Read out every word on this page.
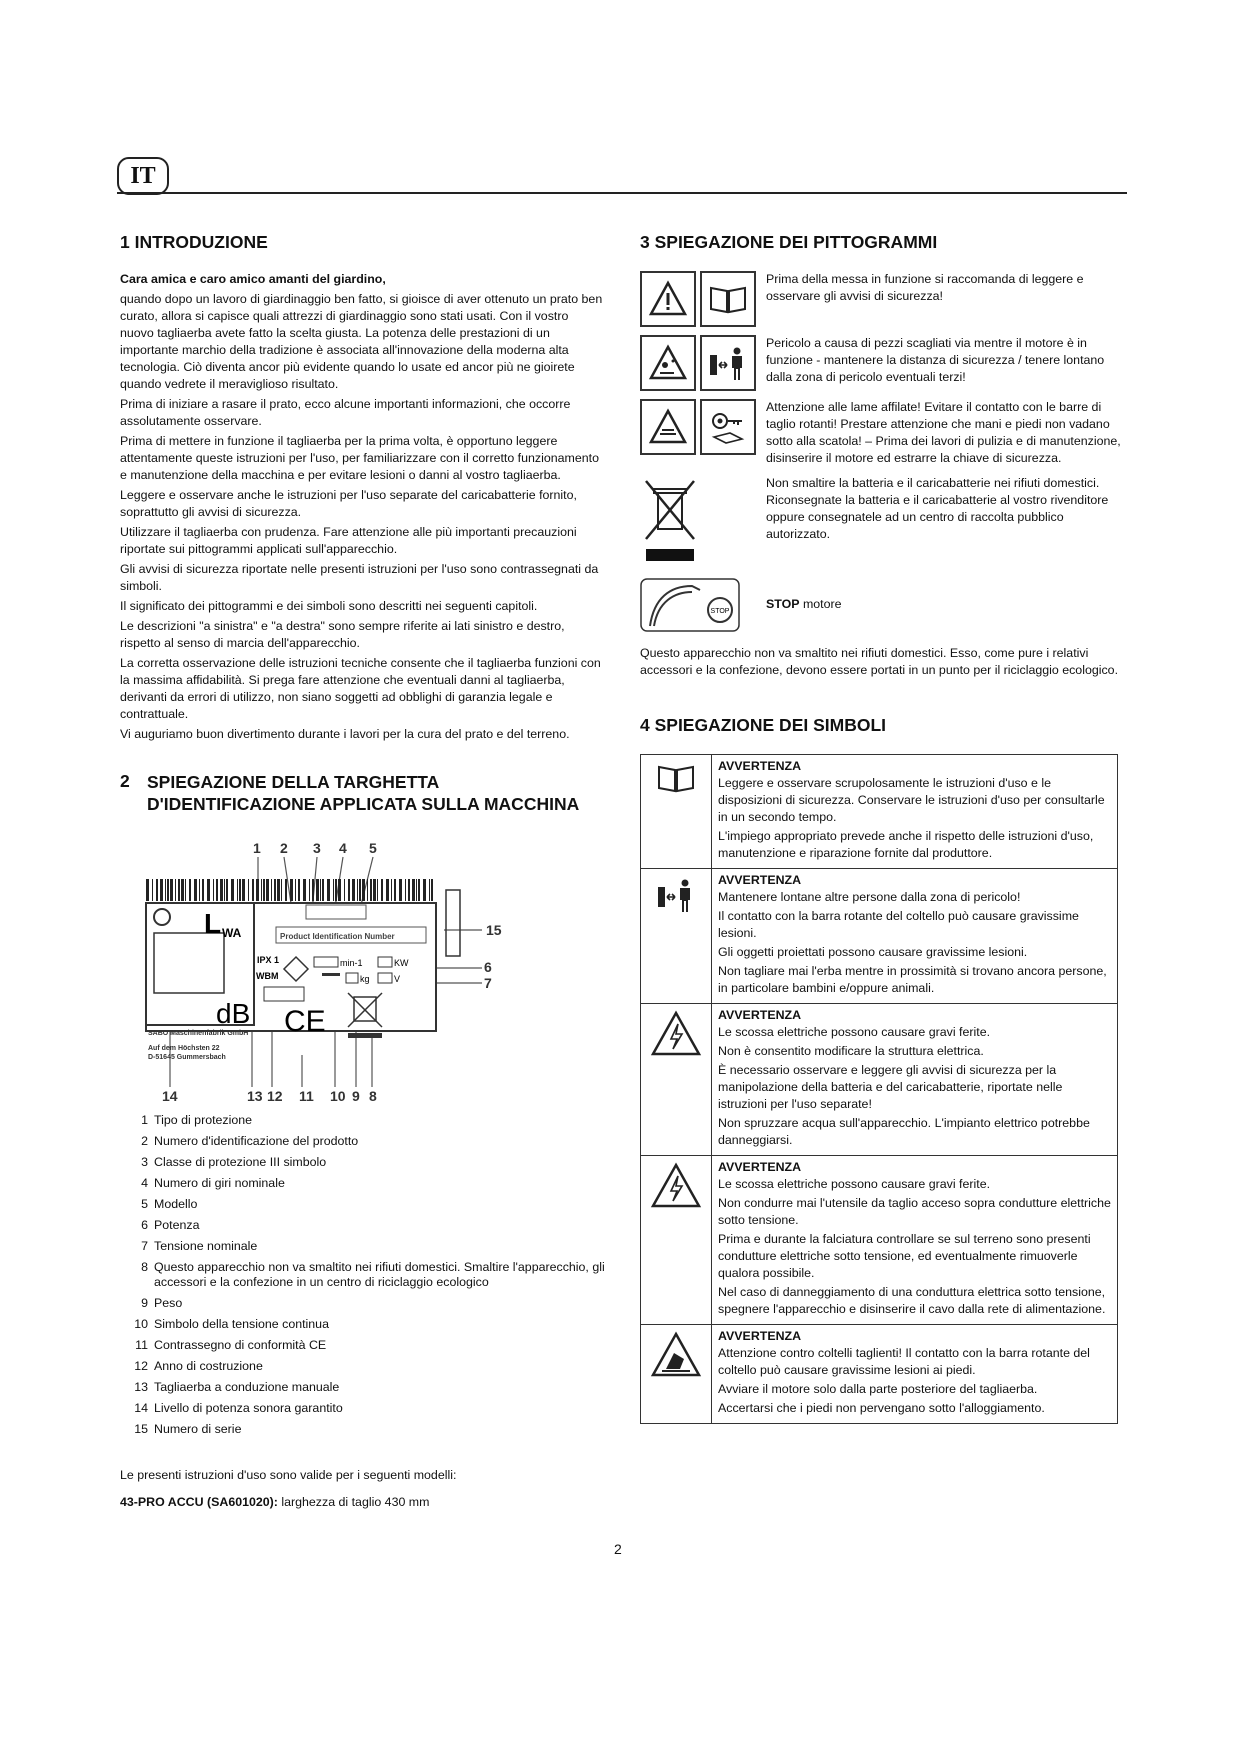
IT
1 INTRODUZIONE
Cara amica e caro amico amanti del giardino,
quando dopo un lavoro di giardinaggio ben fatto, si gioisce di aver ottenuto un prato ben curato, allora si capisce quali attrezzi di giardinaggio sono stati usati. Con il vostro nuovo tagliaerba avete fatto la scelta giusta. La potenza delle prestazioni di un importante marchio della tradizione è associata all'innovazione della moderna alta tecnologia. Ciò diventa ancor più evidente quando lo usate ed ancor più ne gioirete quando vedrete il meraviglioso risultato.
Prima di iniziare a rasare il prato, ecco alcune importanti informazioni, che occorre assolutamente osservare.
Prima di mettere in funzione il tagliaerba per la prima volta, è opportuno leggere attentamente queste istruzioni per l'uso, per familiarizzare con il corretto funzionamento e manutenzione della macchina e per evitare lesioni o danni al vostro tagliaerba.
Leggere e osservare anche le istruzioni per l'uso separate del caricabatterie fornito, soprattutto gli avvisi di sicurezza.
Utilizzare il tagliaerba con prudenza. Fare attenzione alle più importanti precauzioni riportate sui pittogrammi applicati sull'apparecchio.
Gli avvisi di sicurezza riportate nelle presenti istruzioni per l'uso sono contrassegnati da simboli.
Il significato dei pittogrammi e dei simboli sono descritti nei seguenti capitoli.
Le descrizioni "a sinistra" e "a destra" sono sempre riferite ai lati sinistro e destro, rispetto al senso di marcia dell'apparecchio.
La corretta osservazione delle istruzioni tecniche consente che il tagliaerba funzioni con la massima affidabilità. Si prega fare attenzione che eventuali danni al tagliaerba, derivanti da errori di utilizzo, non siano soggetti ad obblighi di garanzia legale e contrattuale.
Vi auguriamo buon divertimento durante i lavori per la cura del prato e del terreno.
2 SPIEGAZIONE DELLA TARGHETTA D'IDENTIFICAZIONE APPLICATA SULLA MACCHINA
1 2 3 4 5
15
6
7
14	13 12 11 10 9 8
L WA
dB
Product Identification Number
IPX 1
WBM
min-1
kg
KW
V
CE
SABO Maschinenfabrik GmbH
Auf dem Höchsten 22
D-51645 Gummersbach
1 Tipo di protezione
2 Numero d'identificazione del prodotto
3 Classe di protezione III simbolo
4 Numero di giri nominale
5 Modello
6 Potenza
7 Tensione nominale
8 Questo apparecchio non va smaltito nei rifiuti domestici. Smaltire l'apparecchio, gli accessori e la confezione in un centro di riciclaggio ecologico
9 Peso
10 Simbolo della tensione continua
11 Contrassegno di conformità CE
12 Anno di costruzione
13 Tagliaerba a conduzione manuale
14 Livello di potenza sonora garantito
15 Numero di serie
Le presenti istruzioni d'uso sono valide per i seguenti modelli:
43-PRO ACCU (SA601020): larghezza di taglio 430 mm
3 SPIEGAZIONE DEI PITTOGRAMMI
Prima della messa in funzione si raccomanda di leggere e osservare gli avvisi di sicurezza!
Pericolo a causa di pezzi scagliati via mentre il motore è in funzione - mantenere la distanza di sicurezza / tenere lontano dalla zona di pericolo eventuali terzi!
Attenzione alle lame affilate! Evitare il contatto con le barre di taglio rotanti! Prestare attenzione che mani e piedi non vadano sotto alla scatola! – Prima dei lavori di pulizia e di manutenzione, disinserire il motore ed estrarre la chiave di sicurezza.
Non smaltire la batteria e il caricabatterie nei rifiuti domestici. Riconsegnate la batteria e il caricabatterie al vostro rivenditore oppure consegnatele ad un centro di raccolta pubblico autorizzato.
STOP
STOP motore
Questo apparecchio non va smaltito nei rifiuti domestici. Esso, come pure i relativi accessori e la confezione, devono essere portati in un punto per il riciclaggio ecologico.
4 SPIEGAZIONE DEI SIMBOLI

AVVERTENZA
Leggere e osservare scrupolosamente le istruzioni d'uso e le disposizioni di sicurezza. Conservare le istruzioni d'uso per consultarle in un secondo tempo.
L'impiego appropriato prevede anche il rispetto delle istruzioni d'uso, manutenzione e riparazione fornite dal produttore.

AVVERTENZA
Mantenere lontane altre persone dalla zona di pericolo!
Il contatto con la barra rotante del coltello può causare gravissime lesioni.
Gli oggetti proiettati possono causare gravissime lesioni.
Non tagliare mai l'erba mentre in prossimità si trovano ancora persone, in particolare bambini e/oppure animali.

AVVERTENZA
Le scossa elettriche possono causare gravi ferite.
Non è consentito modificare la struttura elettrica.
È necessario osservare e leggere gli avvisi di sicurezza per la manipolazione della batteria e del caricabatterie, riportate nelle istruzioni per l'uso separate!
Non spruzzare acqua sull'apparecchio. L'impianto elettrico potrebbe danneggiarsi.

AVVERTENZA
Le scossa elettriche possono causare gravi ferite.
Non condurre mai l'utensile da taglio acceso sopra condutture elettriche sotto tensione.
Prima e durante la falciatura controllare se sul terreno sono presenti condutture elettriche sotto tensione, ed eventualmente rimuoverle qualora possibile.
Nel caso di danneggiamento di una conduttura elettrica sotto tensione, spegnere l'apparecchio e disinserire il cavo dalla rete di alimentazione.

AVVERTENZA
Attenzione contro coltelli taglienti! Il contatto con la barra rotante del coltello può causare gravissime lesioni ai piedi.
Avviare il motore solo dalla parte posteriore del tagliaerba.
Accertarsi che i piedi non pervengano sotto l'alloggiamento.
2
